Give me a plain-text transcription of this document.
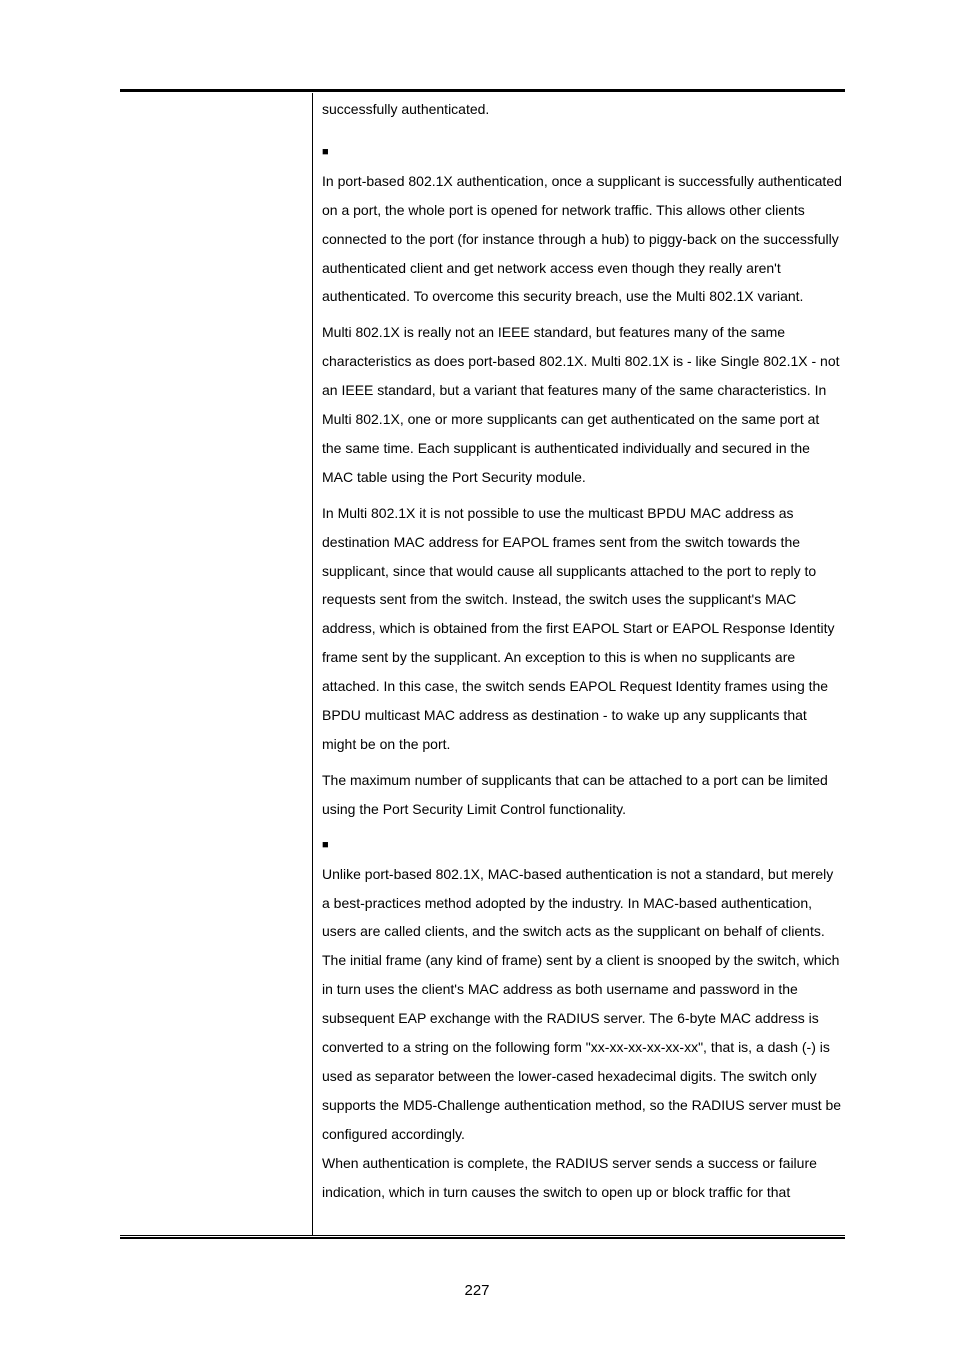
successfully authenticated.

■

In port-based 802.1X authentication, once a supplicant is successfully authenticated on a port, the whole port is opened for network traffic. This allows other clients connected to the port (for instance through a hub) to piggy-back on the successfully authenticated client and get network access even though they really aren't authenticated. To overcome this security breach, use the Multi 802.1X variant.

Multi 802.1X is really not an IEEE standard, but features many of the same characteristics as does port-based 802.1X. Multi 802.1X is - like Single 802.1X - not an IEEE standard, but a variant that features many of the same characteristics. In Multi 802.1X, one or more supplicants can get authenticated on the same port at the same time. Each supplicant is authenticated individually and secured in the MAC table using the Port Security module.

In Multi 802.1X it is not possible to use the multicast BPDU MAC address as destination MAC address for EAPOL frames sent from the switch towards the supplicant, since that would cause all supplicants attached to the port to reply to requests sent from the switch. Instead, the switch uses the supplicant's MAC address, which is obtained from the first EAPOL Start or EAPOL Response Identity frame sent by the supplicant. An exception to this is when no supplicants are attached. In this case, the switch sends EAPOL Request Identity frames using the BPDU multicast MAC address as destination - to wake up any supplicants that might be on the port.

The maximum number of supplicants that can be attached to a port can be limited using the Port Security Limit Control functionality.

■

Unlike port-based 802.1X, MAC-based authentication is not a standard, but merely a best-practices method adopted by the industry. In MAC-based authentication, users are called clients, and the switch acts as the supplicant on behalf of clients. The initial frame (any kind of frame) sent by a client is snooped by the switch, which in turn uses the client's MAC address as both username and password in the subsequent EAP exchange with the RADIUS server. The 6-byte MAC address is converted to a string on the following form "xx-xx-xx-xx-xx-xx", that is, a dash (-) is used as separator between the lower-cased hexadecimal digits. The switch only supports the MD5-Challenge authentication method, so the RADIUS server must be configured accordingly.

When authentication is complete, the RADIUS server sends a success or failure indication, which in turn causes the switch to open up or block traffic for that

227
